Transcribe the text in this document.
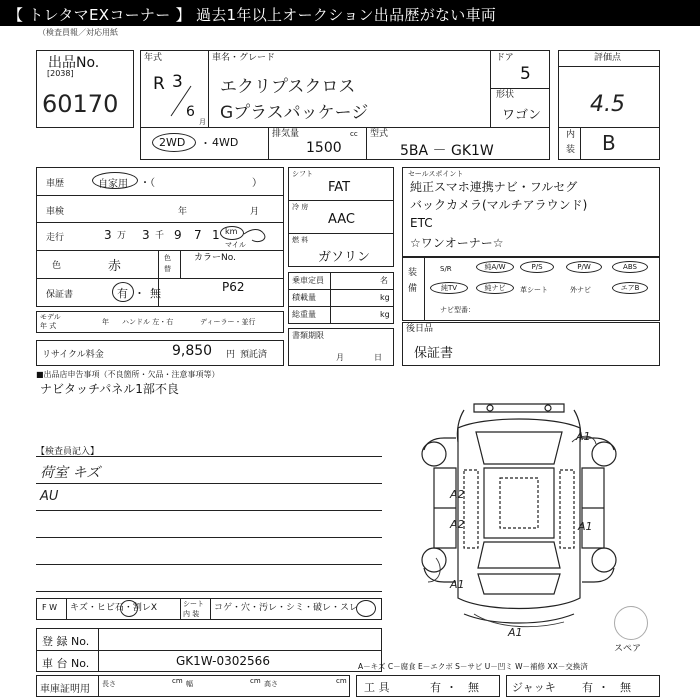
【 トレタマEXコーナー 】 過去1年以上オークション出品歴がない車両
（検査員報／対応用紙
出品No.
[2038]
60170
年式
R 3
6
月
車名・グレード
エクリプスクロス
Gプラスパッケージ
ドア
5
形状
ワゴン
評価点
4.5
内
装 B
2WD ・ 4WD
排気量	cc
1500
型式
5BA － GK1W
車歴	自家用 ・（	）
車検	年	月
走行	3 万 3 千 9 7 1 km
マイル
色	赤
色
替
カラーNo.
P62
保証書	有 ・ 無
モデル
年 式	年 ハンドル 左・右	ディーラー・並行
リサイクル料金	9,850 円 預託済
シフト
FAT
冷 房
AAC
燃 料
ガソリン
乗車定員	名
積載量	kg
総重量	kg
書類期限
月	日
セールスポイント
純正スマホ連携ナビ・フルセグ
バックカメラ(マルチアラウンド)
ETC
☆ワンオーナー☆
装
備
S/R	純A/W	P/S	P/W	ABS
純TV	純ナビ	革シート	外ナビ	エアB
ナビ型番：
後日品
保証書
■出品店申告事項（不良箇所・欠品・注意事項等）
ナビタッチパネル1部不良
【検査員記入】
荷室 キズ
AU
A1
A2
A2	A1
A1
A1
スペア
F W キズ・ヒビ石・割レX	シート
内 装
コゲ・穴・汚レ・シミ・破レ・スレ
登 録 No.
車 台 No.	GK1W-0302566	A－キズ C－腐食 E－エクボ S－サビ U－凹ミ W－補修 XX－交換済
車庫証明用 長さ	cm 幅	cm 高さ	cm 工 具	有 ・ 無	ジャッキ 有 ・ 無
